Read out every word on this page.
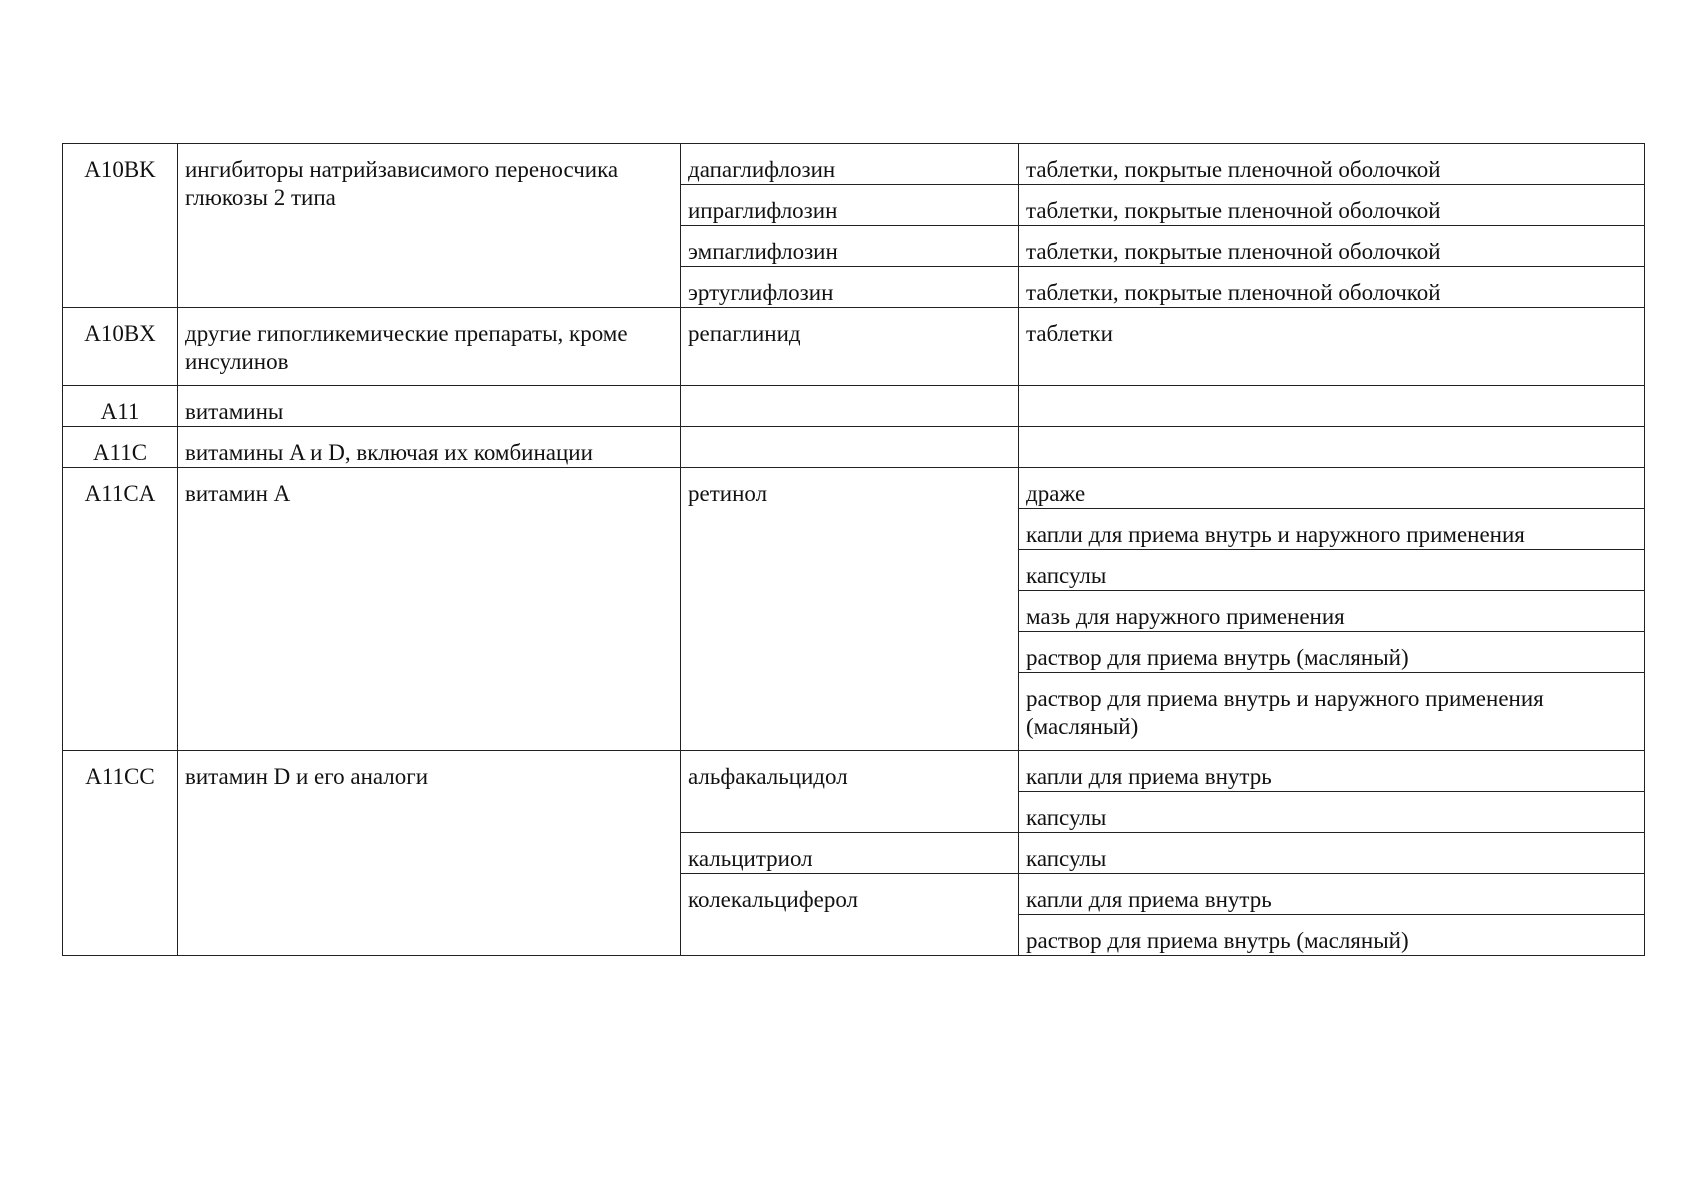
A10BK	ингибиторы натрийзависимого переносчика глюкозы 2 типа	дапаглифлозин	таблетки, покрытые пленочной оболочкой
		ипраглифлозин	таблетки, покрытые пленочной оболочкой
		эмпаглифлозин	таблетки, покрытые пленочной оболочкой
		эртуглифлозин	таблетки, покрытые пленочной оболочкой
A10BX	другие гипогликемические препараты, кроме инсулинов	репаглинид	таблетки
A11	витамины		
A11C	витамины A и D, включая их комбинации		
A11CA	витамин A	ретинол	драже
			капли для приема внутрь и наружного применения
			капсулы
			мазь для наружного применения
			раствор для приема внутрь (масляный)
			раствор для приема внутрь и наружного применения (масляный)
A11CC	витамин D и его аналоги	альфакальцидол	капли для приема внутрь
			капсулы
		кальцитриол	капсулы
		колекальциферол	капли для приема внутрь
			раствор для приема внутрь (масляный)
